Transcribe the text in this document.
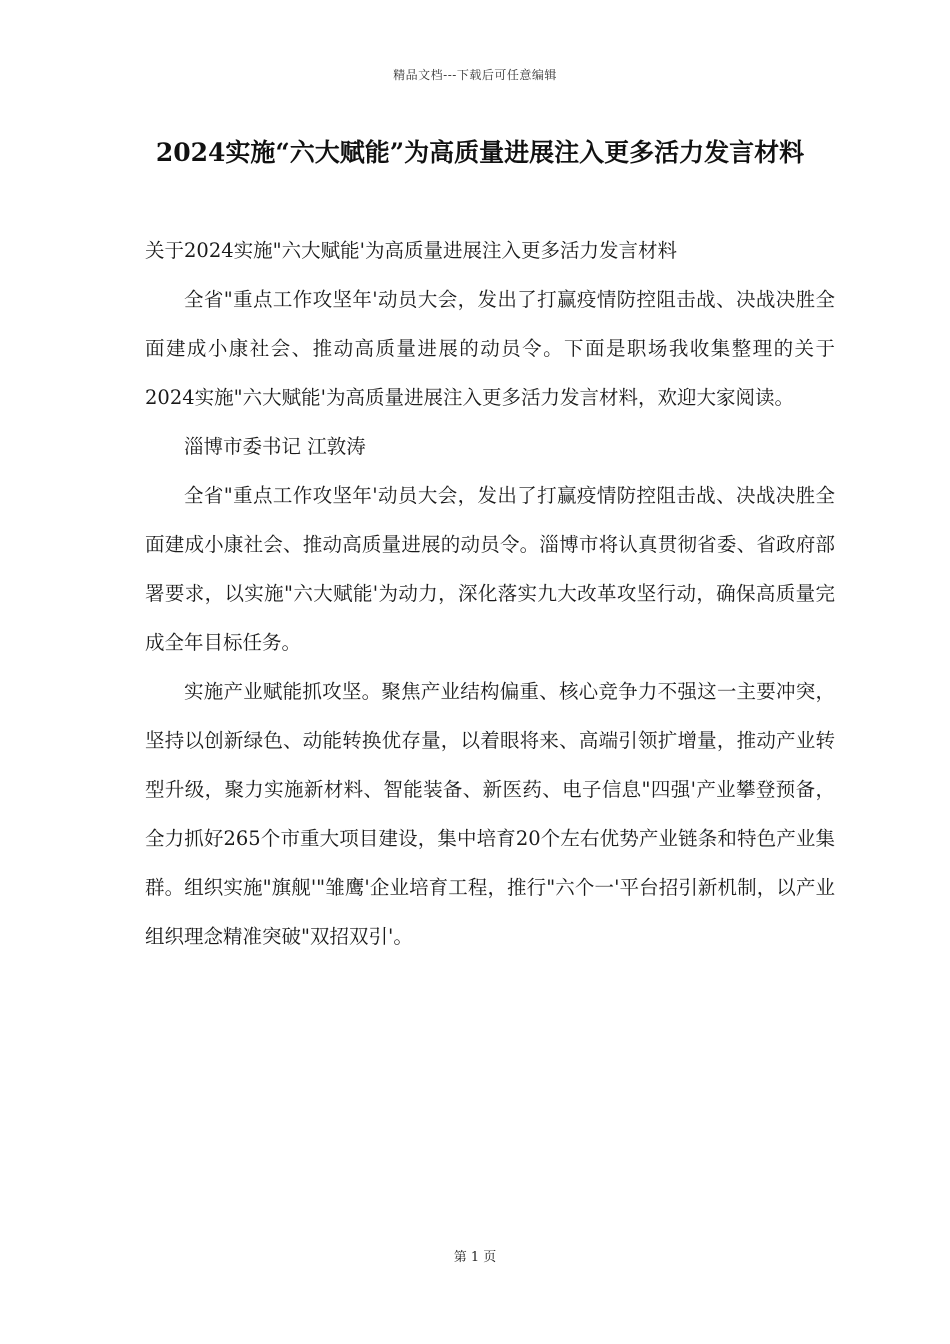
精品文档---下载后可任意编辑
2024实施“六大赋能”为高质量进展注入更多活力发言材料

关于2024实施"六大赋能'为高质量进展注入更多活力发言材料

全省"重点工作攻坚年'动员大会，发出了打赢疫情防控阻击战、决战决胜全面建成小康社会、推动高质量进展的动员令。下面是职场我收集整理的关于2024实施"六大赋能'为高质量进展注入更多活力发言材料，欢迎大家阅读。

淄博市委书记 江敦涛

全省"重点工作攻坚年'动员大会，发出了打赢疫情防控阻击战、决战决胜全面建成小康社会、推动高质量进展的动员令。淄博市将认真贯彻省委、省政府部署要求，以实施"六大赋能'为动力，深化落实九大改革攻坚行动，确保高质量完成全年目标任务。

实施产业赋能抓攻坚。聚焦产业结构偏重、核心竞争力不强这一主要冲突，坚持以创新绿色、动能转换优存量，以着眼将来、高端引领扩增量，推动产业转型升级，聚力实施新材料、智能装备、新医药、电子信息"四强'产业攀登预备，全力抓好265个市重大项目建设，集中培育20个左右优势产业链条和特色产业集群。组织实施"旗舰'"雏鹰'企业培育工程，推行"六个一'平台招引新机制，以产业组织理念精准突破"双招双引'。

第 1 页
